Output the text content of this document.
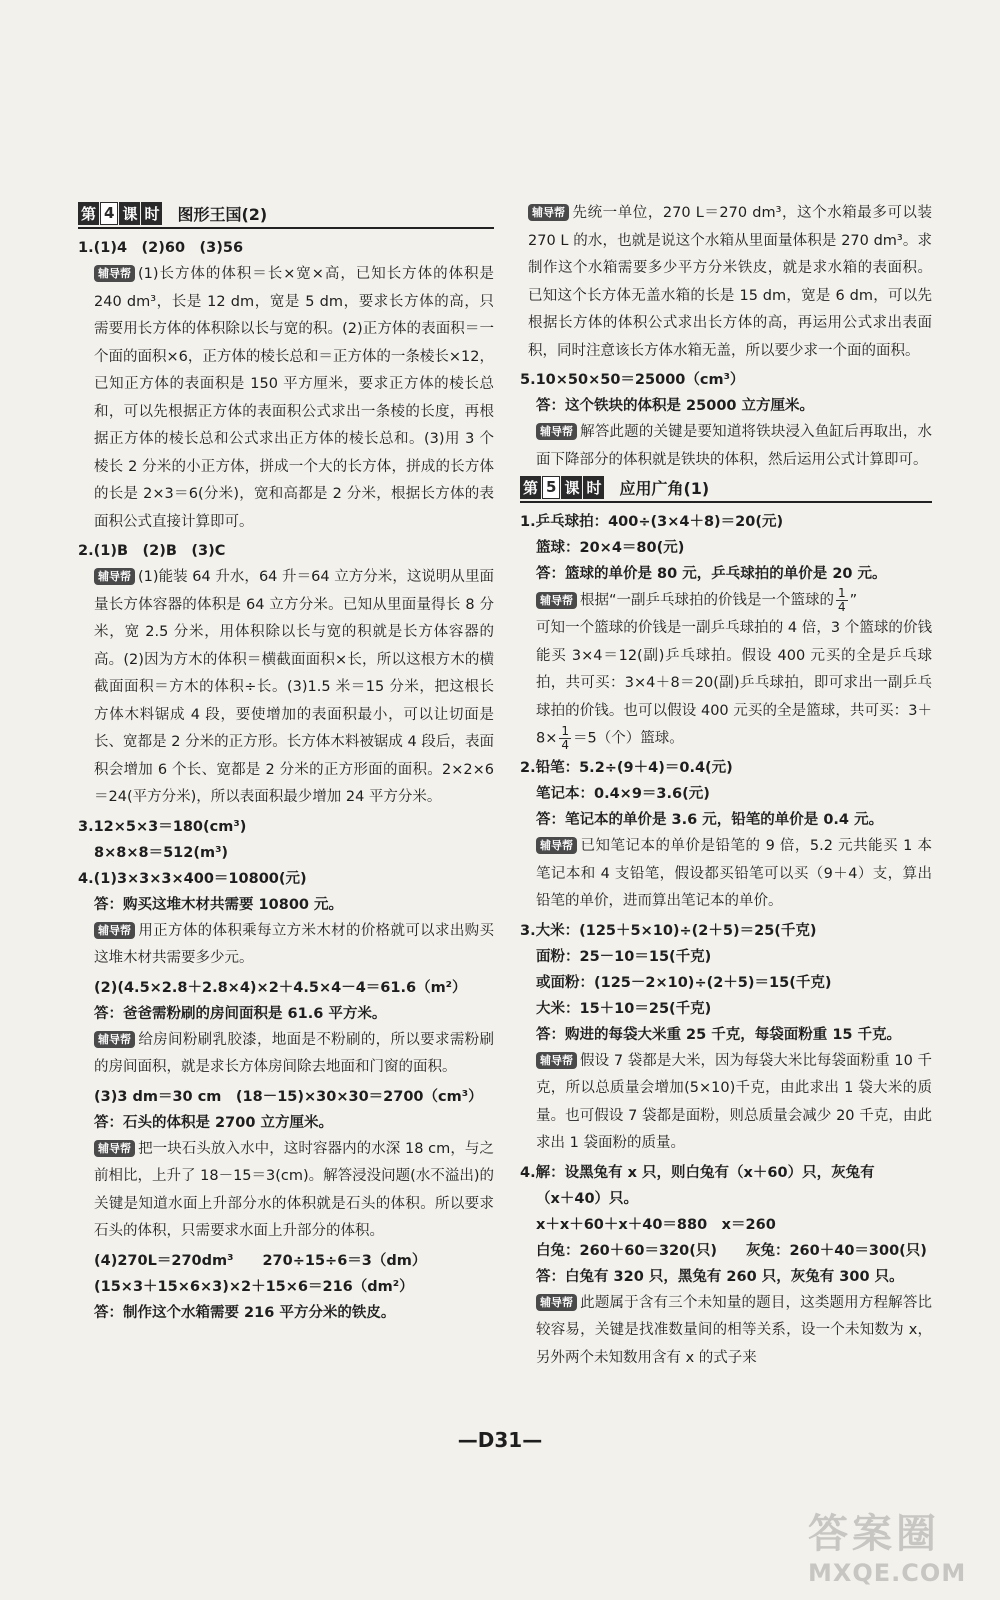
第 4 课 时 图形王国(2)
1.(1)4　(2)60　(3)56
辅导帮 (1)长方体的体积＝长×宽×高，已知长方体的体积是 240 dm³，长是 12 dm，宽是 5 dm，要求长方体的高，只需要用长方体的体积除以长与宽的积。(2)正方体的表面积＝一个面的面积×6，正方体的棱长总和＝正方体的一条棱长×12，已知正方体的表面积是 150 平方厘米，要求正方体的棱长总和，可以先根据正方体的表面积公式求出一条棱的长度，再根据正方体的棱长总和公式求出正方体的棱长总和。(3)用 3 个棱长 2 分米的小正方体，拼成一个大的长方体，拼成的长方体的长是 2×3＝6(分米)，宽和高都是 2 分米，根据长方体的表面积公式直接计算即可。
2.(1)B　(2)B　(3)C
辅导帮 (1)能装 64 升水，64 升＝64 立方分米，这说明从里面量长方体容器的体积是 64 立方分米。已知从里面量得长 8 分米，宽 2.5 分米，用体积除以长与宽的积就是长方体容器的高。(2)因为方木的体积＝横截面面积×长，所以这根方木的横截面面积＝方木的体积÷长。(3)1.5 米＝15 分米，把这根长方体木料锯成 4 段，要使增加的表面积最小，可以让切面是长、宽都是 2 分米的正方形。长方体木料被锯成 4 段后，表面积会增加 6 个长、宽都是 2 分米的正方形面的面积。2×2×6＝24(平方分米)，所以表面积最少增加 24 平方分米。
3.12×5×3＝180(cm³)
8×8×8＝512(m³)
4.(1)3×3×3×400＝10800(元)
答：购买这堆木材共需要 10800 元。
辅导帮 用正方体的体积乘每立方米木材的价格就可以求出购买这堆木材共需要多少元。
(2)(4.5×2.8＋2.8×4)×2＋4.5×4－4＝61.6（m²）
答：爸爸需粉刷的房间面积是 61.6 平方米。
辅导帮 给房间粉刷乳胶漆，地面是不粉刷的，所以要求需粉刷的房间面积，就是求长方体房间除去地面和门窗的面积。
(3)3 dm＝30 cm　(18－15)×30×30＝2700（cm³）
答：石头的体积是 2700 立方厘米。
辅导帮 把一块石头放入水中，这时容器内的水深 18 cm，与之前相比，上升了 18－15＝3(cm)。解答浸没问题(水不溢出)的关键是知道水面上升部分水的体积就是石头的体积。所以要求石头的体积，只需要求水面上升部分的体积。
(4)270L＝270dm³　　270÷15÷6＝3（dm）
(15×3＋15×6×3)×2＋15×6＝216（dm²）
答：制作这个水箱需要 216 平方分米的铁皮。
辅导帮 先统一单位，270 L＝270 dm³，这个水箱最多可以装 270 L 的水，也就是说这个水箱从里面量体积是 270 dm³。求制作这个水箱需要多少平方分米铁皮，就是求水箱的表面积。已知这个长方体无盖水箱的长是 15 dm，宽是 6 dm，可以先根据长方体的体积公式求出长方体的高，再运用公式求出表面积，同时注意该长方体水箱无盖，所以要少求一个面的面积。
5.10×50×50＝25000（cm³）
答：这个铁块的体积是 25000 立方厘米。
辅导帮 解答此题的关键是要知道将铁块浸入鱼缸后再取出，水面下降部分的体积就是铁块的体积，然后运用公式计算即可。
第 5 课 时 应用广角(1)
1.乒乓球拍：400÷(3×4＋8)＝20(元)
篮球：20×4＝80(元)
答：篮球的单价是 80 元，乒乓球拍的单价是 20 元。
辅导帮 根据“一副乒乓球拍的价钱是一个篮球的 $\frac{1}{4}$ ”
可知一个篮球的价钱是一副乒乓球拍的 4 倍，3 个篮球的价钱能买 3×4＝12(副)乒乓球拍。假设 400 元买的全是乒乓球拍，共可买：3×4＋8＝20(副)乒乓球拍，即可求出一副乒乓球拍的价钱。也可以假设 400 元买的全是篮球，共可买：$3+8\times \frac{1}{4} =5$（个）篮球。
2.铅笔：5.2÷(9＋4)＝0.4(元)
笔记本：0.4×9＝3.6(元)
答：笔记本的单价是 3.6 元，铅笔的单价是 0.4 元。
辅导帮 已知笔记本的单价是铅笔的 9 倍，5.2 元共能买 1 本笔记本和 4 支铅笔，假设都买铅笔可以买（9＋4）支，算出铅笔的单价，进而算出笔记本的单价。
3.大米：(125＋5×10)÷(2＋5)＝25(千克)
面粉：25－10＝15(千克)
或面粉：(125－2×10)÷(2＋5)＝15(千克)
大米：15＋10＝25(千克)
答：购进的每袋大米重 25 千克，每袋面粉重 15 千克。
辅导帮 假设 7 袋都是大米，因为每袋大米比每袋面粉重 10 千克，所以总质量会增加(5×10)千克，由此求出 1 袋大米的质量。也可假设 7 袋都是面粉，则总质量会减少 20 千克，由此求出 1 袋面粉的质量。
4.解：设黑兔有 x 只，则白兔有（x＋60）只，灰兔有
（x＋40）只。
x＋x＋60＋x＋40＝880　x＝260
白兔：260＋60＝320(只)　　灰兔：260＋40＝300(只)
答：白兔有 320 只，黑兔有 260 只，灰兔有 300 只。
辅导帮 此题属于含有三个未知量的题目，这类题用方程解答比较容易，关键是找准数量间的相等关系，设一个未知数为 x，另外两个未知数用含有 x 的式子来
—D31—
答案圈
MXQE.COM
